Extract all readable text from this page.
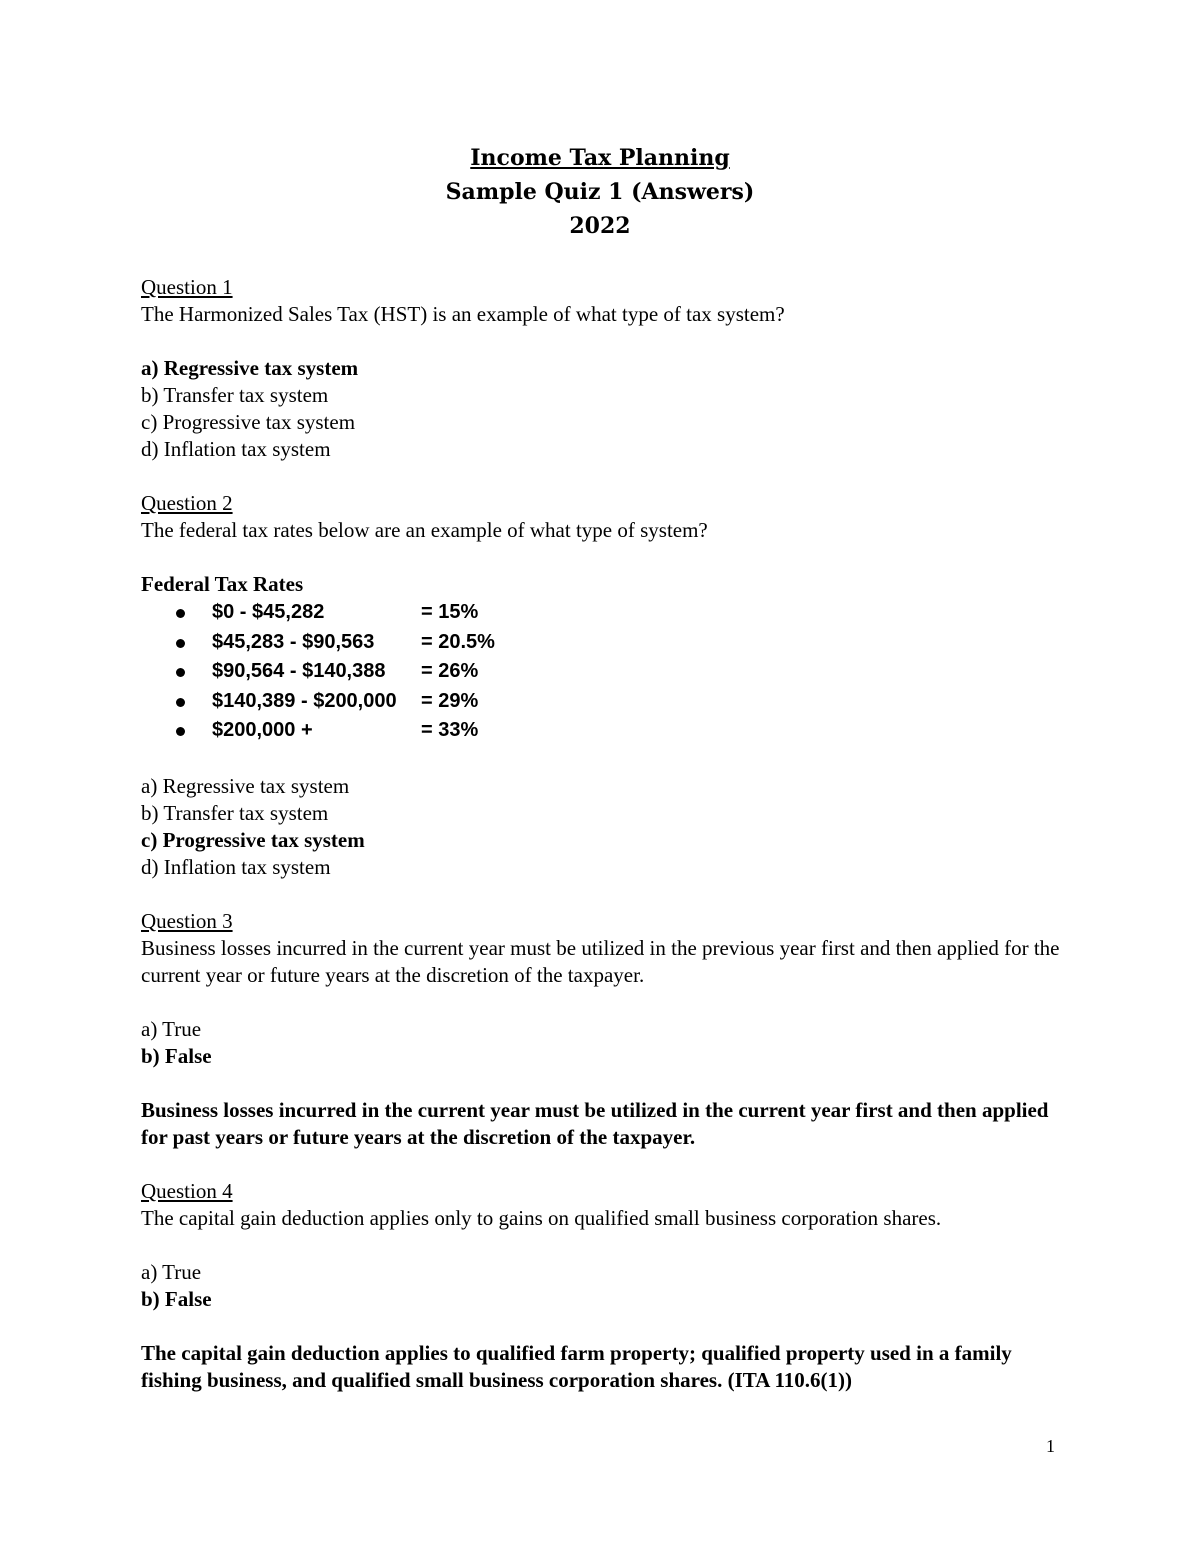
Income Tax Planning
Sample Quiz 1 (Answers)
2022

Question 1

The Harmonized Sales Tax (HST) is an example of what type of tax system?

a) Regressive tax system

b) Transfer tax system

c) Progressive tax system

d) Inflation tax system

Question 2

The federal tax rates below are an example of what type of system?

Federal Tax Rates

$0 - $45,282	= 15%
$45,283 - $90,563 = 20.5%
$90,564 - $140,388 = 26%
$140,389 - $200,000 = 29%
$200,000 +	= 33%

a) Regressive tax system

b) Transfer tax system

c) Progressive tax system

d) Inflation tax system

Question 3

Business losses incurred in the current year must be utilized in the previous year first and then applied for the current year or future years at the discretion of the taxpayer.

a) True

b) False

Business losses incurred in the current year must be utilized in the current year first and then applied for past years or future years at the discretion of the taxpayer.

Question 4

The capital gain deduction applies only to gains on qualified small business corporation shares.

a) True

b) False

The capital gain deduction applies to qualified farm property; qualified property used in a family fishing business, and qualified small business corporation shares. (ITA 110.6(1))

1
